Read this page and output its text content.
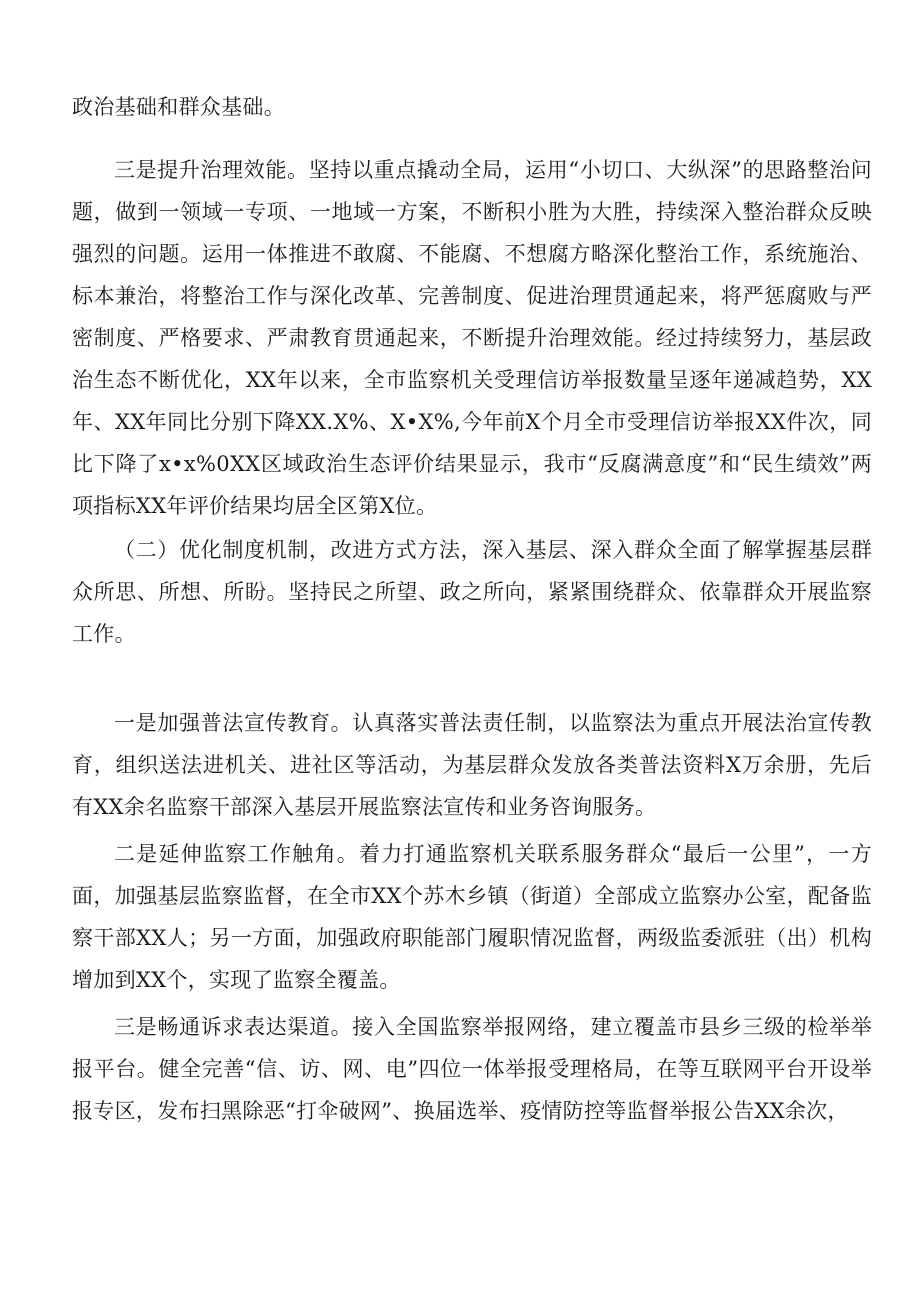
政治基础和群众基础。

三是提升治理效能。坚持以重点撬动全局，运用“小切口、大纵深”的思路整治问题，做到一领域一专项、一地域一方案，不断积小胜为大胜，持续深入整治群众反映强烈的问题。运用一体推进不敢腐、不能腐、不想腐方略深化整治工作，系统施治、标本兼治，将整治工作与深化改革、完善制度、促进治理贯通起来，将严惩腐败与严密制度、严格要求、严肃教育贯通起来，不断提升治理效能。经过持续努力，基层政治生态不断优化，XX年以来，全市监察机关受理信访举报数量呈逐年递减趋势，XX年、XX年同比分别下降XX.X%、X•X%,今年前X个月全市受理信访举报XX件次，同比下降了x•x%0XX区域政治生态评价结果显示，我市“反腐满意度”和“民生绩效”两项指标XX年评价结果均居全区第X位。

（二）优化制度机制，改进方式方法，深入基层、深入群众全面了解掌握基层群众所思、所想、所盼。坚持民之所望、政之所向，紧紧围绕群众、依靠群众开展监察工作。

一是加强普法宣传教育。认真落实普法责任制，以监察法为重点开展法治宣传教育，组织送法进机关、进社区等活动，为基层群众发放各类普法资料X万余册，先后有XX余名监察干部深入基层开展监察法宣传和业务咨询服务。

二是延伸监察工作触角。着力打通监察机关联系服务群众“最后一公里”，一方面，加强基层监察监督，在全市XX个苏木乡镇（街道）全部成立监察办公室，配备监察干部XX人；另一方面，加强政府职能部门履职情况监督，两级监委派驻（出）机构增加到XX个，实现了监察全覆盖。

三是畅通诉求表达渠道。接入全国监察举报网络，建立覆盖市县乡三级的检举举报平台。健全完善“信、访、网、电”四位一体举报受理格局，在等互联网平台开设举报专区，发布扫黑除恶“打伞破网”、换届选举、疫情防控等监督举报公告XX余次，
